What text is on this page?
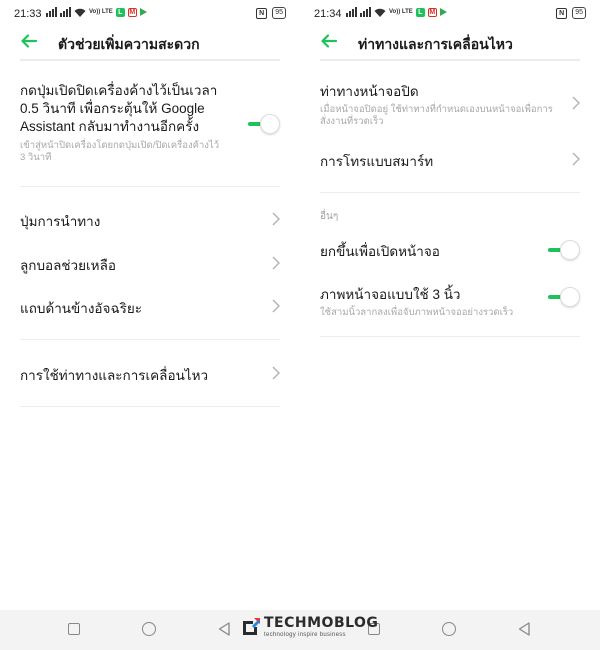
21:33	Vo)) LTE L M	N	95
ตัวช่วยเพิ่มความสะดวก
กดปุ่มเปิดปิดเครื่องค้างไว้เป็นเวลา
0.5 วินาที เพื่อกระตุ้นให้ Google
Assistant กลับมาทำงานอีกครั้ง
เข้าสู่หน้าปิดเครื่องโดยกดปุ่มเปิด/ปิดเครื่องค้างไว้
3 วินาที
ปุ่มการนำทาง
ลูกบอลช่วยเหลือ
แถบด้านข้างอัจฉริยะ
การใช้ท่าทางและการเคลื่อนไหว
21:34	Vo)) LTE L M	N	95
ท่าทางและการเคลื่อนไหว
ท่าทางหน้าจอปิด
เมื่อหน้าจอปิดอยู่ ใช้ท่าทางที่กำหนดเองบนหน้าจอเพื่อการ
สั่งงานที่รวดเร็ว
การโทรแบบสมาร์ท
อื่นๆ
ยกขึ้นเพื่อเปิดหน้าจอ
ภาพหน้าจอแบบใช้ 3 นิ้ว
ใช้สามนิ้วลากลงเพื่อจับภาพหน้าจออย่างรวดเร็ว
TECHMOBLOG
technology inspire business
